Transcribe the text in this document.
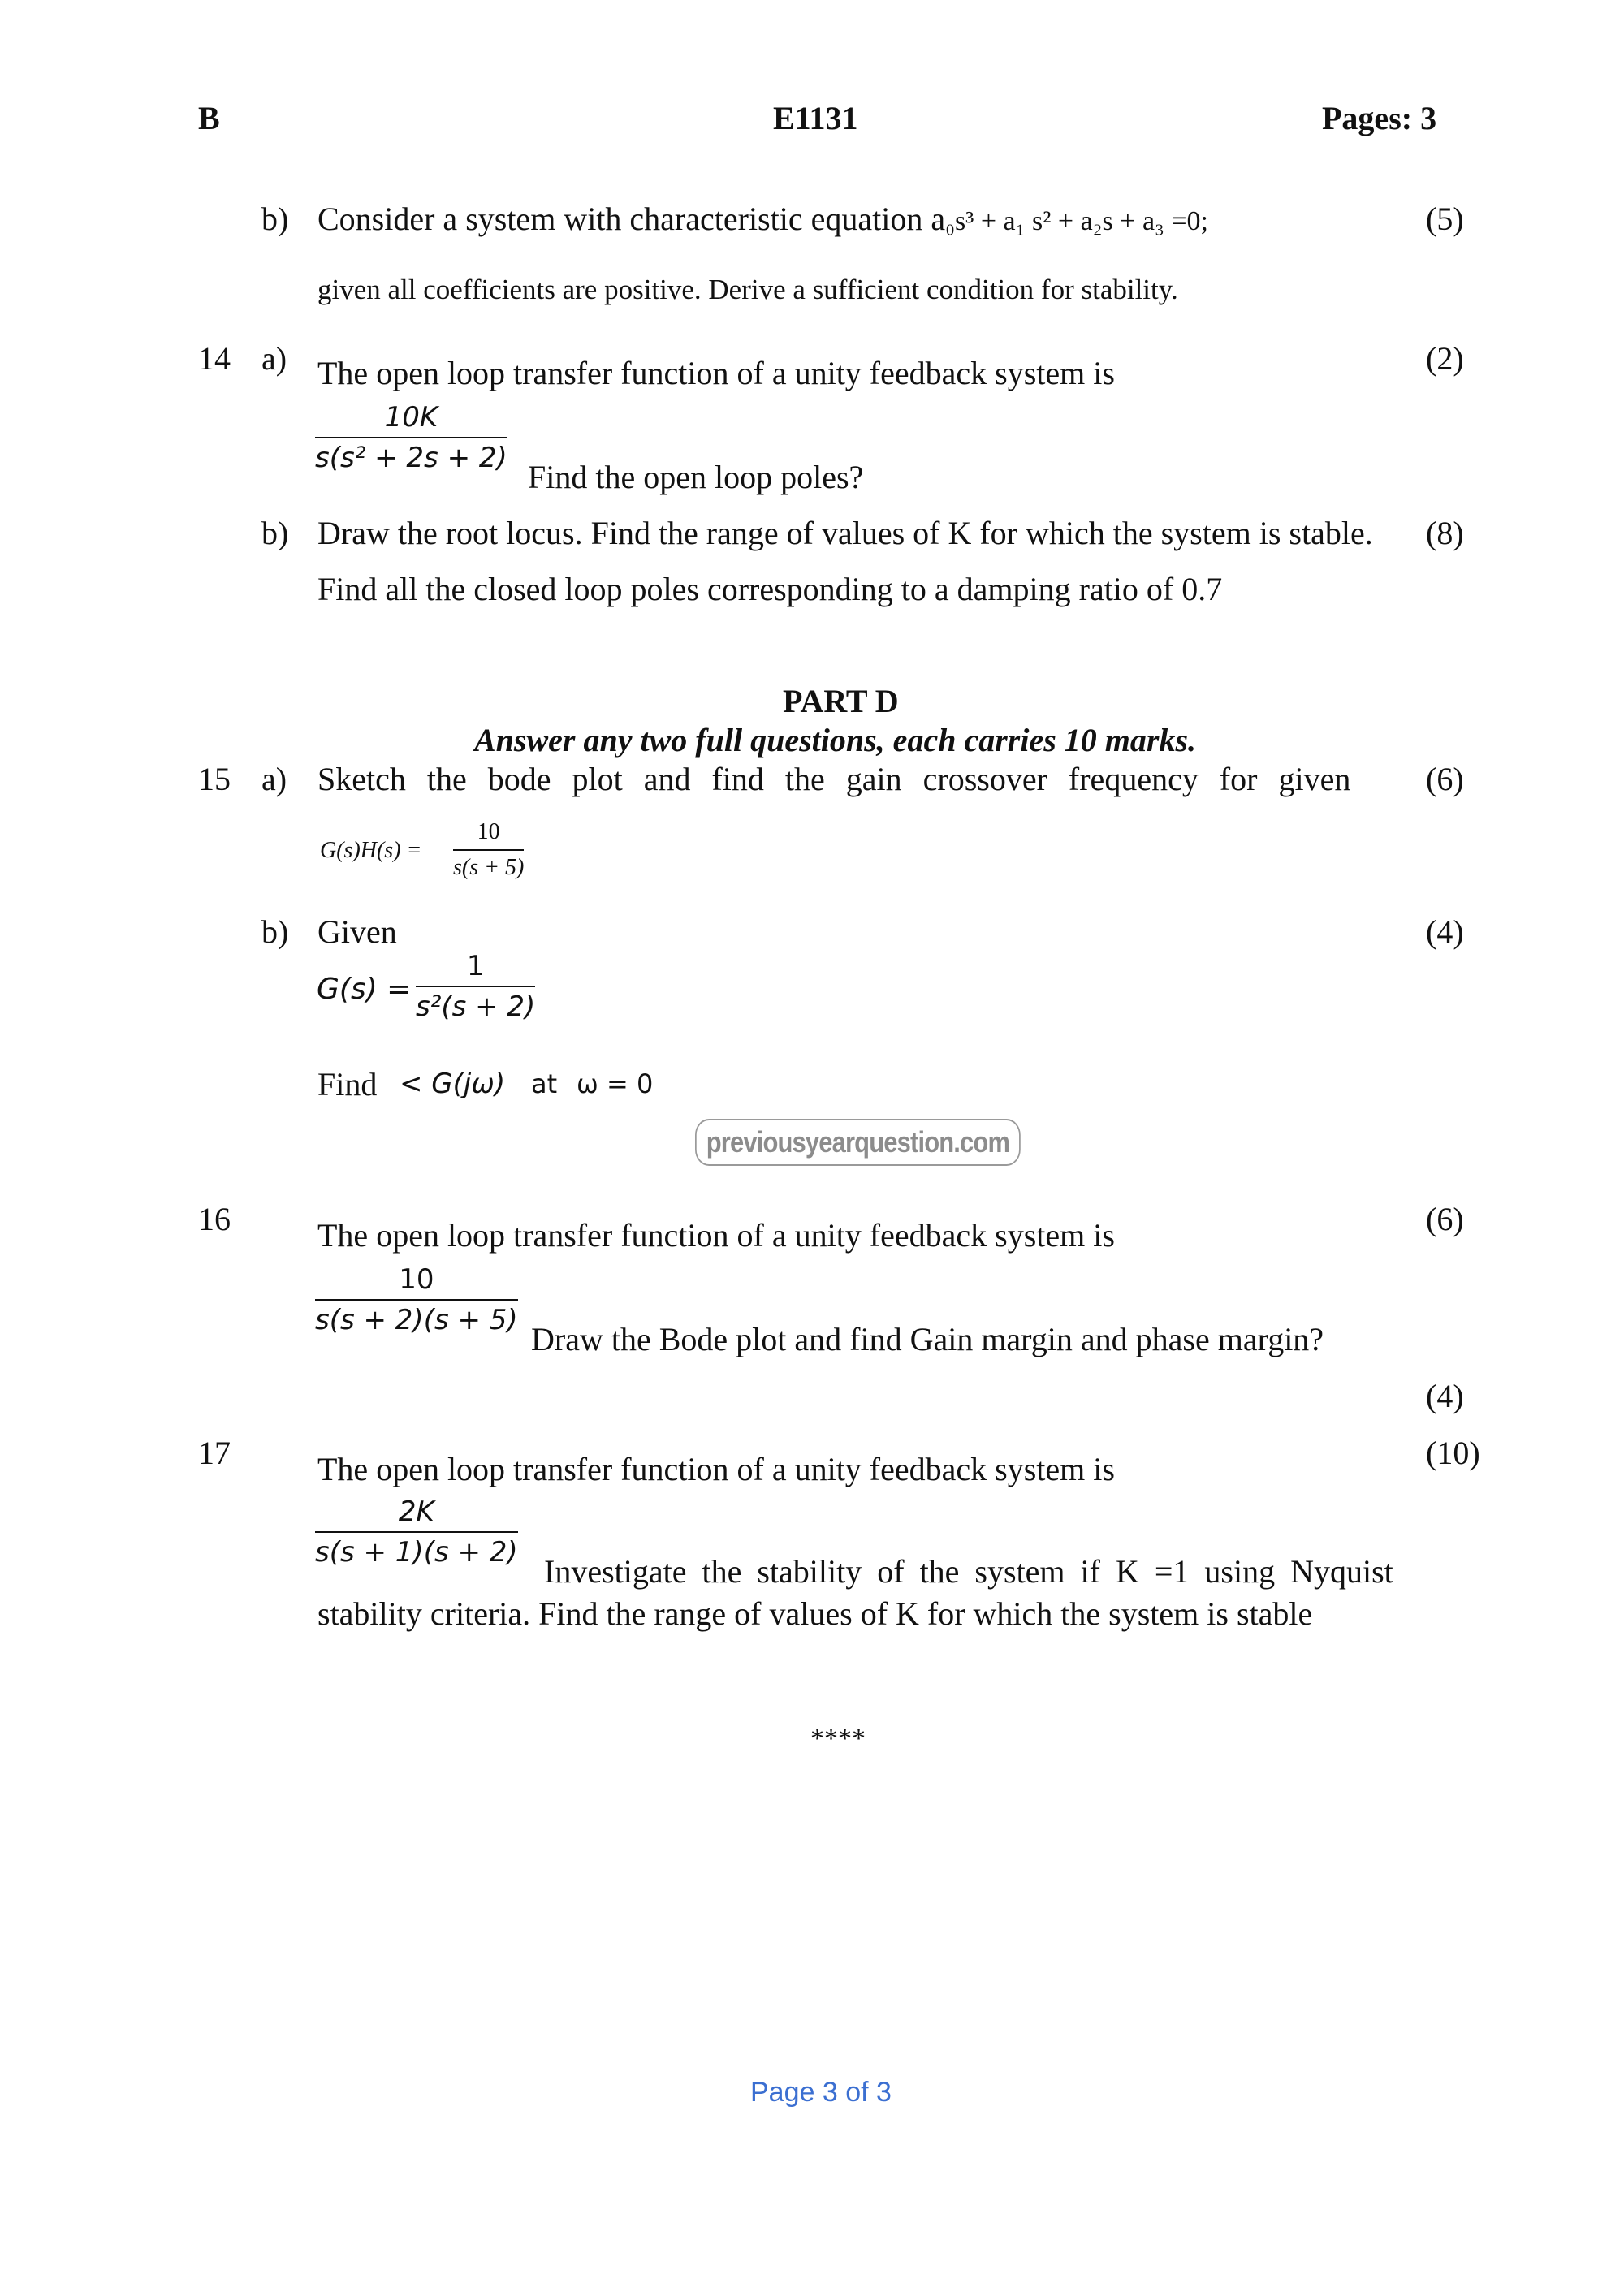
B	E1131	Pages: 3
b) Consider a system with characteristic equation a₀s³ + a₁ s² + a₂s + a₃ =0;	(5)
given all coefficients are positive. Derive a sufficient condition for stability.
14 a)	(2)
The open loop transfer function of a unity feedback system is
$\frac{10K}{\text{s(s² + 2s + 2)}}$
Find the open loop poles?
b) Draw the root locus. Find the range of values of K for which the system is stable. (8)
Find all the closed loop poles corresponding to a damping ratio of 0.7
PART D
Answer any two full questions, each carries 10 marks.
15 a) Sketch the bode plot and find the gain crossover frequency for given (6)
$G(s)H(s) = \frac{10}{s(s + 5)}$
b) Given	(4)
$G(s) = \frac{1}{\text{s²(s + 2)}}$
Find < G(jω) at ω = 0
previousyearquestion.com
16	(6)
The open loop transfer function of a unity feedback system is
$\frac{10}{s(s + 2)(s + 5)}$
Draw the Bode plot and find Gain margin and phase margin?
(4)
17	(10)
The open loop transfer function of a unity feedback system is
$\frac{2K}{s(s + 1)(s + 2)}$
Investigate the stability of the system if K =1 using Nyquist
stability criteria. Find the range of values of K for which the system is stable
****
Page 3 of 3
